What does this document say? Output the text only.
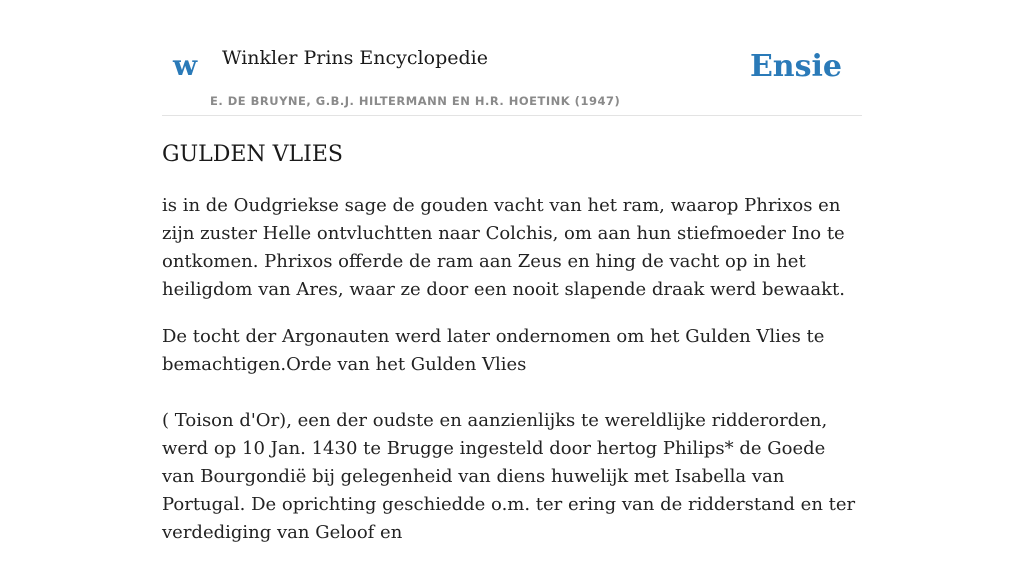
w Winkler Prins Encyclopedie
E. DE BRUYNE, G.B.J. HILTERMANN EN H.R. HOETINK (1947)
Ensie
GULDEN VLIES

is in de Oudgriekse sage de gouden vacht van het ram, waarop Phrixos en zijn zuster Helle ontvluchtten naar Colchis, om aan hun stiefmoeder Ino te ontkomen. Phrixos offerde de ram aan Zeus en hing de vacht op in het heiligdom van Ares, waar ze door een nooit slapende draak werd bewaakt.

De tocht der Argonauten werd later ondernomen om het Gulden Vlies te bemachtigen.Orde van het Gulden Vlies

( Toison d'Or), een der oudste en aanzienlijks te wereldlijke ridderorden, werd op 10 Jan. 1430 te Brugge ingesteld door hertog Philips* de Goede van Bourgondië bij gelegenheid van diens huwelijk met Isabella van Portugal. De oprichting geschiedde o.m. ter ering van de ridderstand en ter verdediging van Geloof en
